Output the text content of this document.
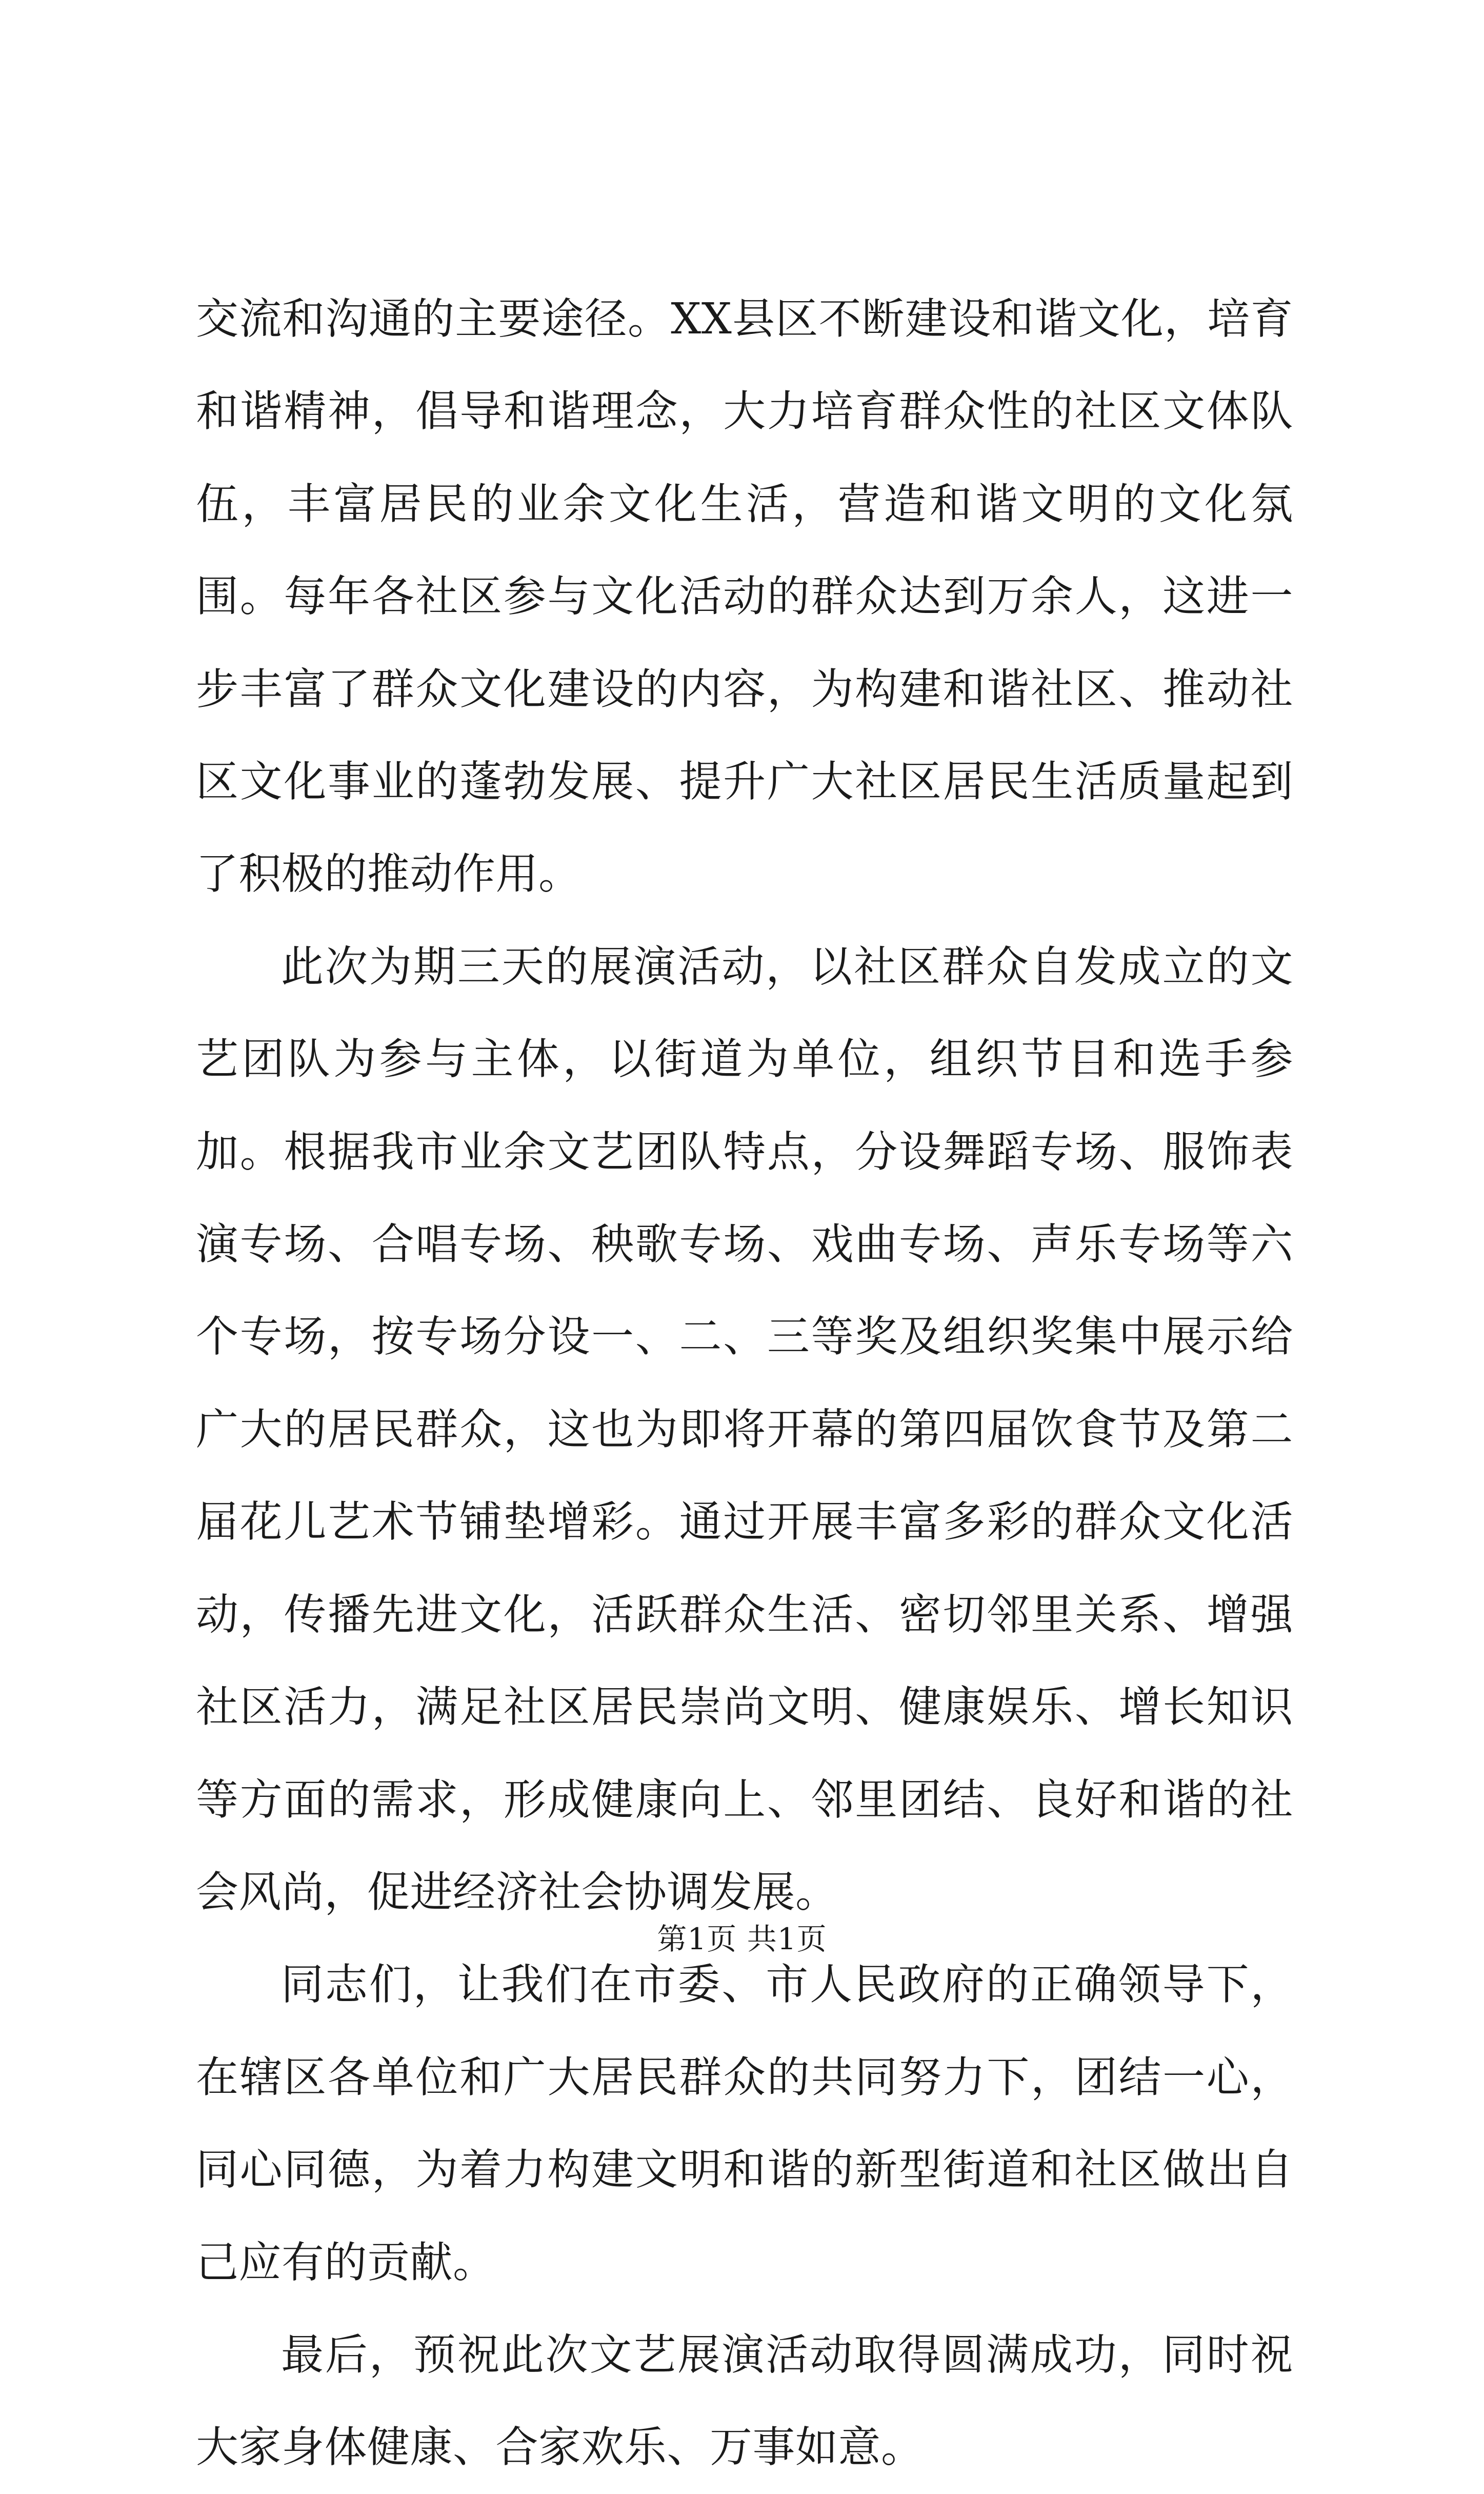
交流和沟通的主要途径。XX县区不断建设和谐文化，培育和谐精神，倡导和谐理念，大力培育群众性的社区文体队伍，丰富居民的业余文化生活，营造和谐文明的文化氛围。每年各社区参与文化活动的群众达到万余人，这进一步丰富了群众文化建设的内容，为构建和谐社区、推动社区文化事业的蓬勃发展、提升广大社区居民生活质量起到了积极的推动作用。

此次为期三天的展演活动，以社区群众自发成立的文艺团队为参与主体，以街道为单位，组织节目和选手参加。根据我市业余文艺团队特点，分设舞蹈专场、服饰表演专场、合唱专场、秧歌专场、戏曲专场、声乐专场等六个专场，按专场分设一、二、三等奖及组织奖集中展示给广大的居民群众，这也为即将开幕的第四届饮食节及第二届花儿艺术节铺垫增彩。通过开展丰富多彩的群众文化活动，传播先进文化，活跃群众生活、密切邻里关系、增强社区活力，满足社区居民崇尚文明、健康娱乐、增长知识等方面的需求，形成健康向上、邻里团结、良好和谐的社会风尚，促进经济社会协调发展。

同志们，让我们在市委、市人民政府的正确领导下，在辖区各单位和广大居民群众的共同努力下，团结一心，同心同德，为着力构建文明和谐的新型街道和社区做出自己应有的贡献。

最后，预祝此次文艺展演活动取得圆满成功，同时祝大家身体健康、合家欢乐、万事如意。

第1页 共1页
